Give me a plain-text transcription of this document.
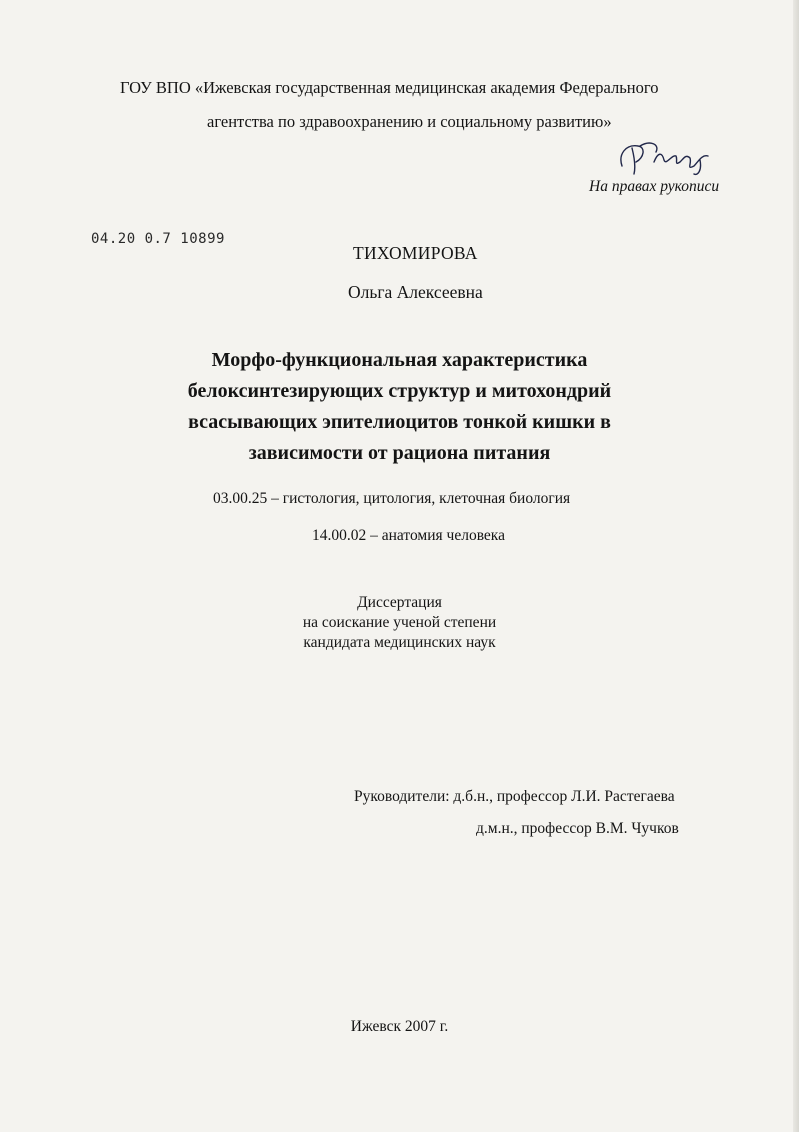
ГОУ ВПО «Ижевская государственная медицинская академия Федерального
агентства по здравоохранению и социальному развитию»
На правах рукописи
04.20 0.7 10899
ТИХОМИРОВА
Ольга Алексеевна
Морфо-функциональная характеристика
белоксинтезирующих структур и митохондрий
всасывающих эпителиоцитов тонкой кишки в
зависимости от рациона питания
03.00.25 – гистология, цитология, клеточная биология
14.00.02 – анатомия человека
Диссертация
на соискание ученой степени
кандидата медицинских наук
Руководители: д.б.н., профессор Л.И. Растегаева
д.м.н., профессор В.М. Чучков
Ижевск 2007 г.
